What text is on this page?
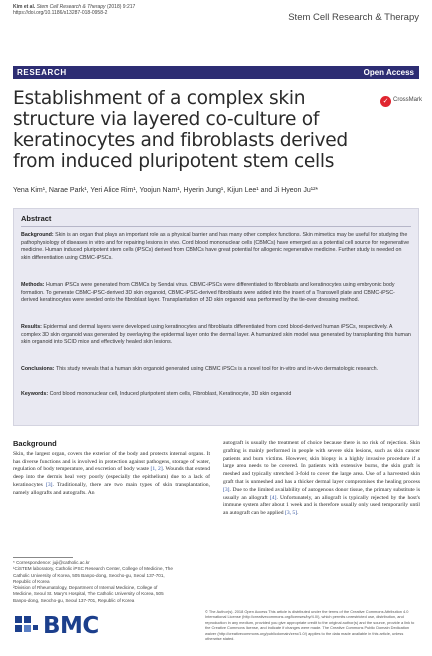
Kim et al. Stem Cell Research & Therapy (2018) 9:217
https://doi.org/10.1186/s13287-018-0958-2	Stem Cell Research & Therapy
RESEARCH	Open Access
Establishment of a complex skin structure via layered co-culture of keratinocytes and fibroblasts derived from induced pluripotent stem cells
✓ CrossMark
Yena Kim¹, Narae Park¹, Yeri Alice Rim¹, Yoojun Nam¹, Hyerin Jung¹, Kijun Lee¹ and Ji Hyeon Ju¹²*
Abstract
Background: Skin is an organ that plays an important role as a physical barrier and has many other complex functions. Skin mimetics may be useful for studying the pathophysiology of diseases in vitro and for repairing lesions in vivo. Cord blood mononuclear cells (CBMCs) have emerged as a potential cell source for regenerative medicine. Human induced pluripotent stem cells (iPSCs) derived from CBMCs have great potential for allogenic regenerative medicine. Further study is needed on skin differentiation using CBMC-iPSCs.
Methods: Human iPSCs were generated from CBMCs by Sendai virus. CBMC-iPSCs were differentiated to fibroblasts and keratinocytes using embryonic body formation. To generate CBMC-iPSC-derived 3D skin organoid, CBMC-iPSC-derived fibroblasts were added into the insert of a Transwell plate and CBMC-iPSC-derived keratinocytes were seeded onto the fibroblast layer. Transplantation of 3D skin organoid was performed by the tie-over dressing method.
Results: Epidermal and dermal layers were developed using keratinocytes and fibroblasts differentiated from cord blood-derived human iPSCs, respectively. A complex 3D skin organoid was generated by overlaying the epidermal layer onto the dermal layer. A humanized skin model was generated by transplanting this human skin organoid into SCID mice and effectively healed skin lesions.
Conclusions: This study reveals that a human skin organoid generated using CBMC iPSCs is a novel tool for in-vitro and in-vivo dermatologic research.
Keywords: Cord blood mononuclear cell, Induced pluripotent stem cells, Fibroblast, Keratinocyte, 3D skin organoid
Background
Skin, the largest organ, covers the exterior of the body and protects internal organs. It has diverse functions and is involved in protection against pathogens, storage of water, regulation of body temperature, and excretion of body waste [1, 2]. Wounds that extend deep into the dermis heal very poorly (especially the epithelium) due to a lack of keratinocytes [3]. Traditionally, there are two main types of skin transplantation, namely allografts and autografts. An
autograft is usually the treatment of choice because there is no risk of rejection. Skin grafting is mainly performed in people with severe skin lesions, such as skin cancer patients and burn victims. However, skin biopsy is a highly invasive procedure if a large area needs to be covered. In patients with extensive burns, the skin graft is meshed and typically stretched 3-fold to cover the large area. Use of a harvested skin graft that is unmeshed and has a thicker dermal layer compromises the healing process [3]. Due to the limited availability of autogenous donor tissue, the primary substitute is usually an allograft [4]. Unfortunately, an allograft is typically rejected by the host's immune system after about 1 week and is therefore usually only used temporarily until an autograft can be applied [3, 5].
* Correspondence: juji@catholic.ac.kr
¹CiSTEM laboratory, Catholic iPSC Research Center, College of Medicine, The
Catholic University of Korea, 505 Banpo-dong, Seocho-gu, Seoul 137-701,
Republic of Korea
²Division of Rheumatology, Department of Internal Medicine, College of
Medicine, Seoul St. Mary's Hospital, The Catholic University of Korea, 505
Banpo-dong, Seocho-gu, Seoul 137-701, Republic of Korea
BMC
© The Author(s). 2018 Open Access This article is distributed under the terms of the Creative Commons Attribution 4.0 International License (http://creativecommons.org/licenses/by/4.0/), which permits unrestricted use, distribution, and reproduction in any medium, provided you give appropriate credit to the original author(s) and the source, provide a link to the Creative Commons license, and indicate if changes were made. The Creative Commons Public Domain Dedication waiver (http://creativecommons.org/publicdomain/zero/1.0/) applies to the data made available in this article, unless otherwise stated.
